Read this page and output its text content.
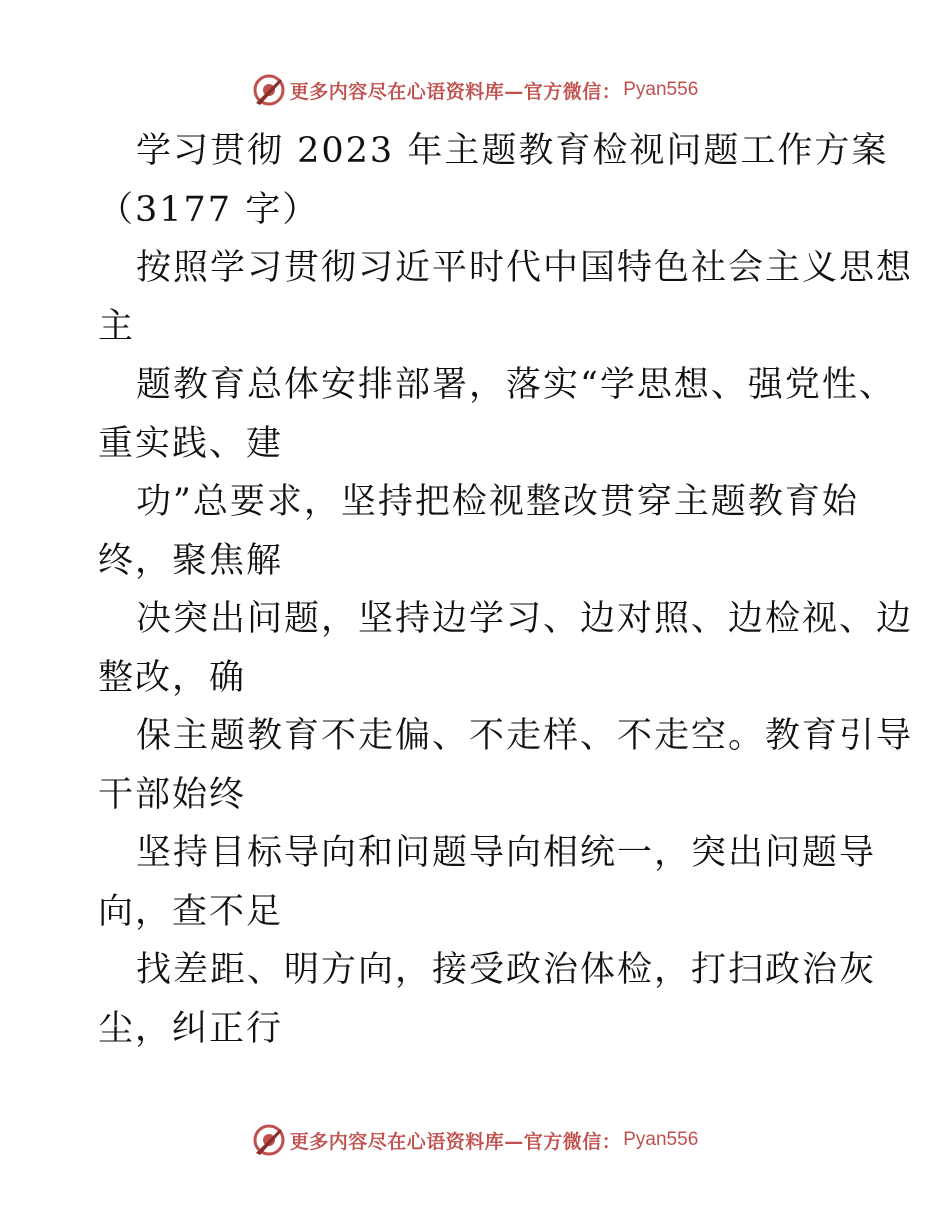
更多内容尽在心语资料库—官方微信： Pyan556
学习贯彻 2023 年主题教育检视问题工作方案
（3177 字）
按照学习贯彻习近平时代中国特色社会主义思想
主
题教育总体安排部署，落实“学思想、强党性、
重实践、建
功”总要求，坚持把检视整改贯穿主题教育始
终，聚焦解
决突出问题，坚持边学习、边对照、边检视、边
整改，确
保主题教育不走偏、不走样、不走空。教育引导
干部始终
坚持目标导向和问题导向相统一，突出问题导
向，查不足
找差距、明方向，接受政治体检，打扫政治灰
尘，纠正行
更多内容尽在心语资料库—官方微信： Pyan556
